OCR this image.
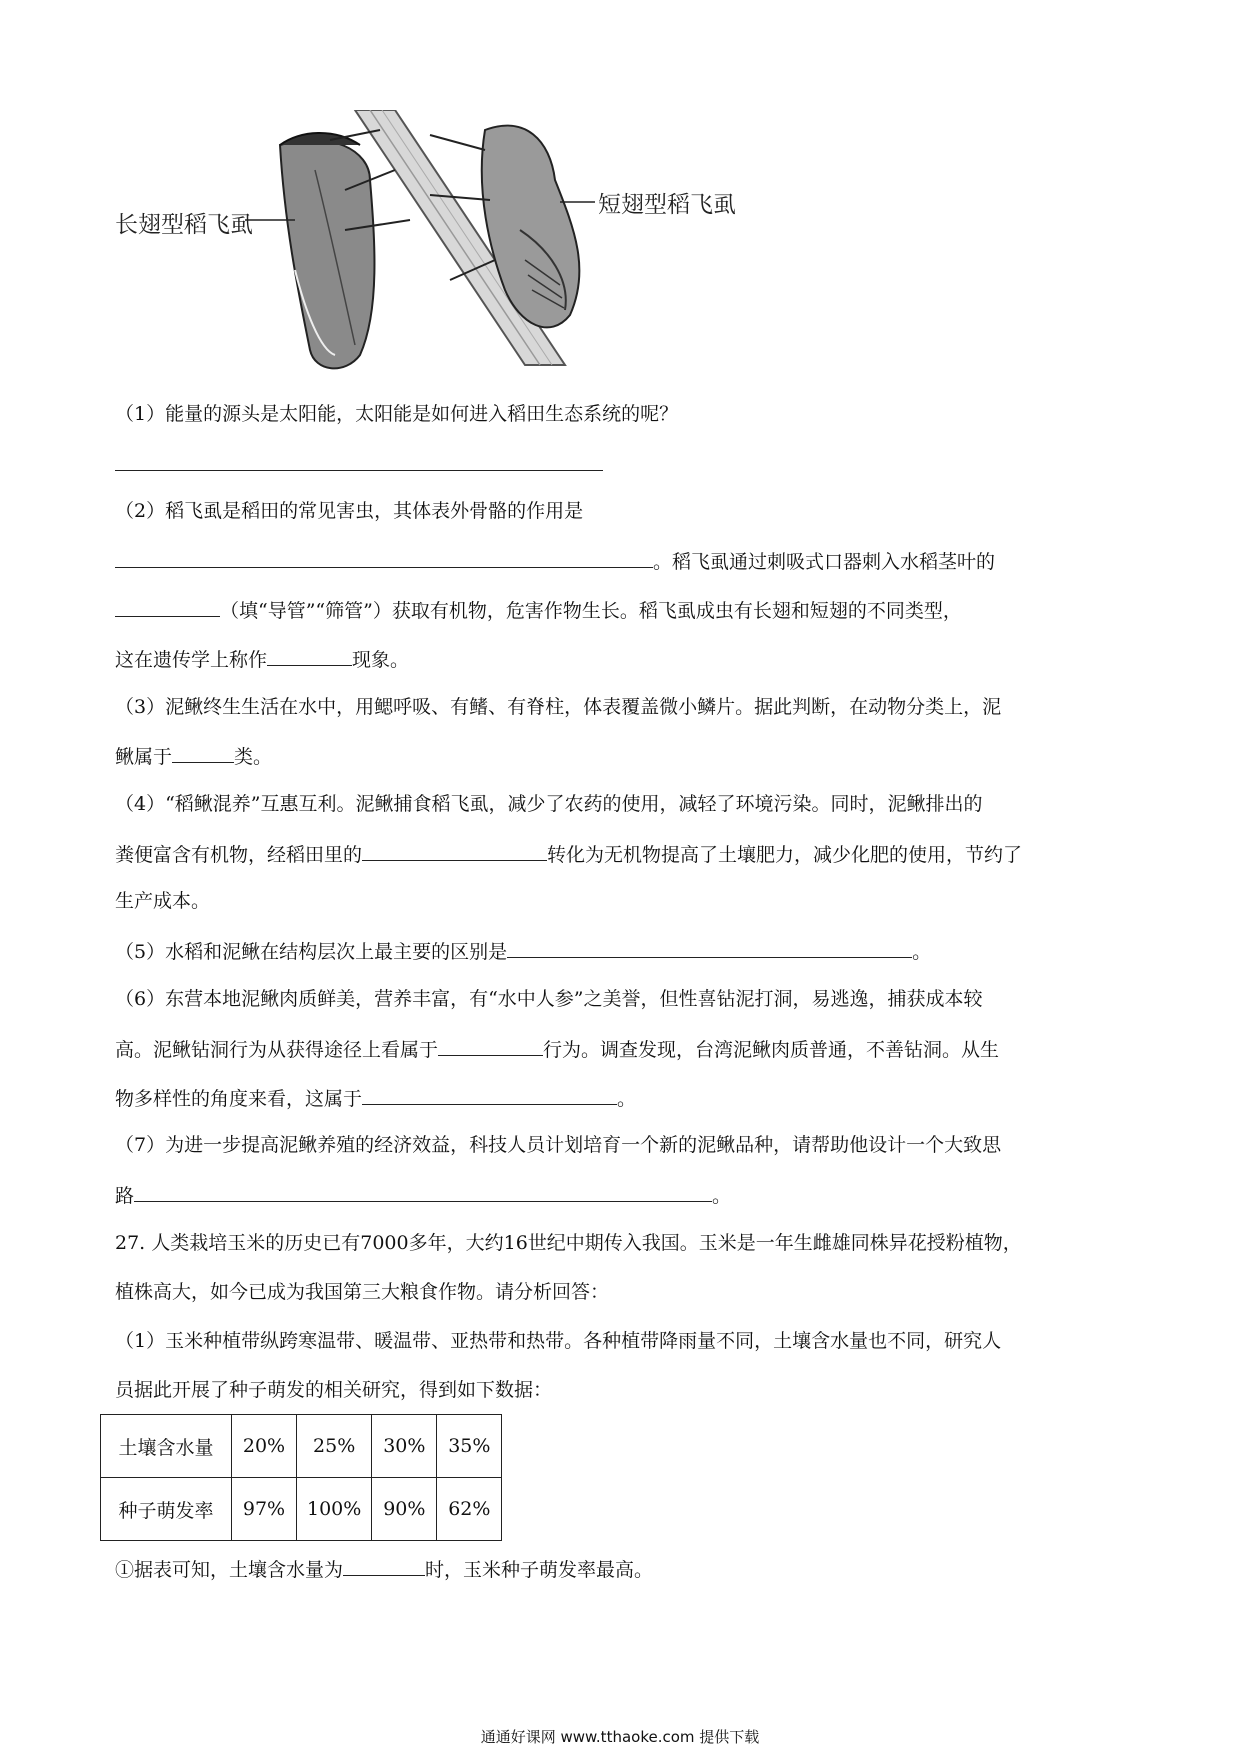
长翅型稻飞虱
短翅型稻飞虱
（1）能量的源头是太阳能，太阳能是如何进入稻田生态系统的呢？
（2）稻飞虱是稻田的常见害虫，其体表外骨骼的作用是
。稻飞虱通过刺吸式口器刺入水稻茎叶的
（填“导管”“筛管”）获取有机物，危害作物生长。稻飞虱成虫有长翅和短翅的不同类型，
这在遗传学上称作	现象。
（3）泥鳅终生生活在水中，用鳃呼吸、有鳍、有脊柱，体表覆盖微小鳞片。据此判断，在动物分类上，泥
鳅属于	类。
（4）“稻鳅混养”互惠互利。泥鳅捕食稻飞虱，减少了农药的使用，减轻了环境污染。同时，泥鳅排出的
粪便富含有机物，经稻田里的	转化为无机物提高了土壤肥力，减少化肥的使用，节约了
生产成本。
（5）水稻和泥鳅在结构层次上最主要的区别是	。
（6）东营本地泥鳅肉质鲜美，营养丰富，有“水中人参”之美誉，但性喜钻泥打洞，易逃逸，捕获成本较
高。泥鳅钻洞行为从获得途径上看属于	行为。调查发现，台湾泥鳅肉质普通，不善钻洞。从生
物多样性的角度来看，这属于	。
（7）为进一步提高泥鳅养殖的经济效益，科技人员计划培育一个新的泥鳅品种，请帮助他设计一个大致思
路	。
27. 人类栽培玉米的历史已有7000多年，大约16世纪中期传入我国。玉米是一年生雌雄同株异花授粉植物，
植株高大，如今已成为我国第三大粮食作物。请分析回答：
（1）玉米种植带纵跨寒温带、暖温带、亚热带和热带。各种植带降雨量不同，土壤含水量也不同，研究人
员据此开展了种子萌发的相关研究，得到如下数据：
土壤含水量	20%	25%	30%	35%
种子萌发率	97%	100%	90%	62%
①据表可知，土壤含水量为	时，玉米种子萌发率最高。
通通好课网 www.tthaoke.com 提供下载
